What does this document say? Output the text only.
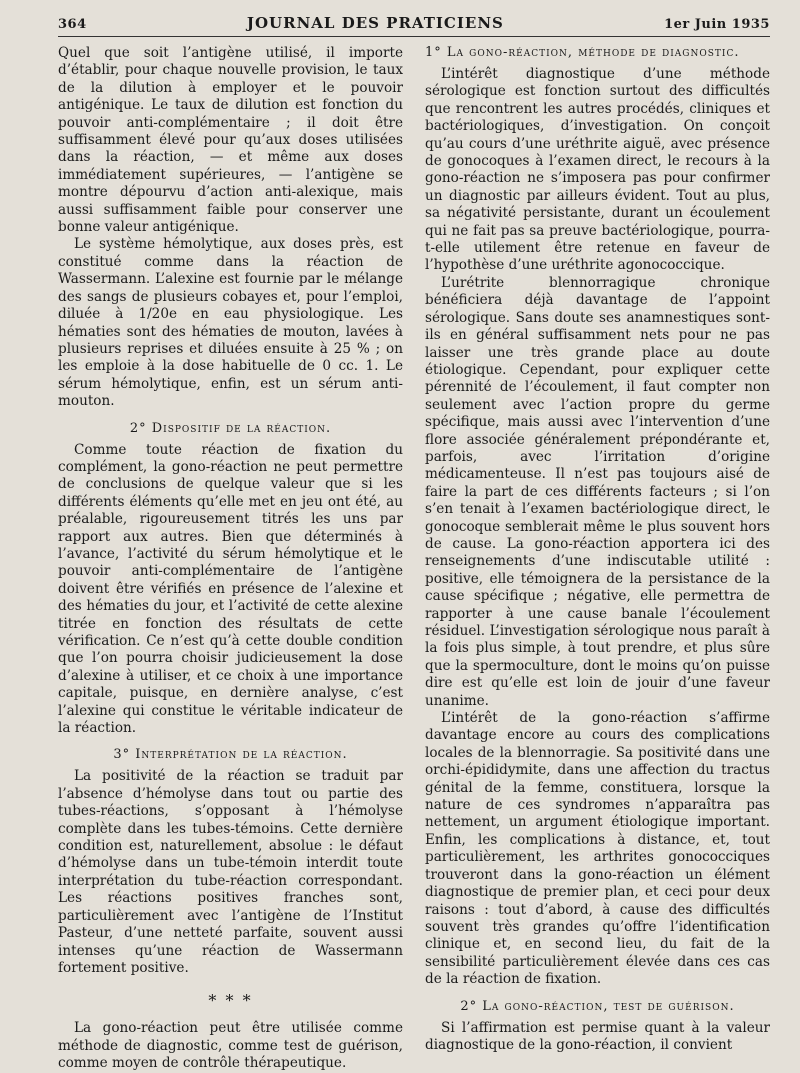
364	JOURNAL DES PRATICIENS	1er Juin 1935

Quel que soit l’antigène utilisé, il importe d’établir, pour chaque nouvelle provision, le taux de la dilution à employer et le pouvoir antigénique. Le taux de dilution est fonction du pouvoir anti-complémentaire ; il doit être suffisamment élevé pour qu’aux doses utilisées dans la réaction, — et même aux doses immédiatement supérieures, — l’antigène se montre dépourvu d’action anti-alexique, mais aussi suffisamment faible pour conserver une bonne valeur antigénique.

Le système hémolytique, aux doses près, est constitué comme dans la réaction de Wassermann. L’alexine est fournie par le mélange des sangs de plusieurs cobayes et, pour l’emploi, diluée à 1/20e en eau physiologique. Les hématies sont des hématies de mouton, lavées à plusieurs reprises et diluées ensuite à 25 % ; on les emploie à la dose habituelle de 0 cc. 1. Le sérum hémolytique, enfin, est un sérum anti-mouton.

2° Dispositif de la réaction.

Comme toute réaction de fixation du complément, la gono-réaction ne peut permettre de conclusions de quelque valeur que si les différents éléments qu’elle met en jeu ont été, au préalable, rigoureusement titrés les uns par rapport aux autres. Bien que déterminés à l’avance, l’activité du sérum hémolytique et le pouvoir anti-complémentaire de l’antigène doivent être vérifiés en présence de l’alexine et des hématies du jour, et l’activité de cette alexine titrée en fonction des résultats de cette vérification. Ce n’est qu’à cette double condition que l’on pourra choisir judicieusement la dose d’alexine à utiliser, et ce choix à une importance capitale, puisque, en dernière analyse, c’est l’alexine qui constitue le véritable indicateur de la réaction.

3° Interprétation de la réaction.

La positivité de la réaction se traduit par l’absence d’hémolyse dans tout ou partie des tubes-réactions, s’opposant à l’hémolyse complète dans les tubes-témoins. Cette dernière condition est, naturellement, absolue : le défaut d’hémolyse dans un tube-témoin interdit toute interprétation du tube-réaction correspondant. Les réactions positives franches sont, particulièrement avec l’antigène de l’Institut Pasteur, d’une netteté parfaite, souvent aussi intenses qu’une réaction de Wassermann fortement positive.

* * *

La gono-réaction peut être utilisée comme méthode de diagnostic, comme test de guérison, comme moyen de contrôle thérapeutique.

1° La gono-réaction, méthode de diagnostic.

L’intérêt diagnostique d’une méthode sérologique est fonction surtout des difficultés que rencontrent les autres procédés, cliniques et bactériologiques, d’investigation. On conçoit qu’au cours d’une uréthrite aiguë, avec présence de gonocoques à l’examen direct, le recours à la gono-réaction ne s’imposera pas pour confirmer un diagnostic par ailleurs évident. Tout au plus, sa négativité persistante, durant un écoulement qui ne fait pas sa preuve bactériologique, pourra-t-elle utilement être retenue en faveur de l’hypothèse d’une uréthrite agonococcique.

L’urétrite blennorragique chronique bénéficiera déjà davantage de l’appoint sérologique. Sans doute ses anamnestiques sont-ils en général suffisamment nets pour ne pas laisser une très grande place au doute étiologique. Cependant, pour expliquer cette pérennité de l’écoulement, il faut compter non seulement avec l’action propre du germe spécifique, mais aussi avec l’intervention d’une flore associée généralement prépondérante et, parfois, avec l’irritation d’origine médicamenteuse. Il n’est pas toujours aisé de faire la part de ces différents facteurs ; si l’on s’en tenait à l’examen bactériologique direct, le gonocoque semblerait même le plus souvent hors de cause. La gono-réaction apportera ici des renseignements d’une indiscutable utilité : positive, elle témoignera de la persistance de la cause spécifique ; négative, elle permettra de rapporter à une cause banale l’écoulement résiduel. L’investigation sérologique nous paraît à la fois plus simple, à tout prendre, et plus sûre que la spermoculture, dont le moins qu’on puisse dire est qu’elle est loin de jouir d’une faveur unanime.

L’intérêt de la gono-réaction s’affirme davantage encore au cours des complications locales de la blennorragie. Sa positivité dans une orchi-épididymite, dans une affection du tractus génital de la femme, constituera, lorsque la nature de ces syndromes n’apparaîtra pas nettement, un argument étiologique important. Enfin, les complications à distance, et, tout particulièrement, les arthrites gonococciques trouveront dans la gono-réaction un élément diagnostique de premier plan, et ceci pour deux raisons : tout d’abord, à cause des difficultés souvent très grandes qu’offre l’identification clinique et, en second lieu, du fait de la sensibilité particulièrement élevée dans ces cas de la réaction de fixation.

2° La gono-réaction, test de guérison.

Si l’affirmation est permise quant à la valeur diagnostique de la gono-réaction, il convient
